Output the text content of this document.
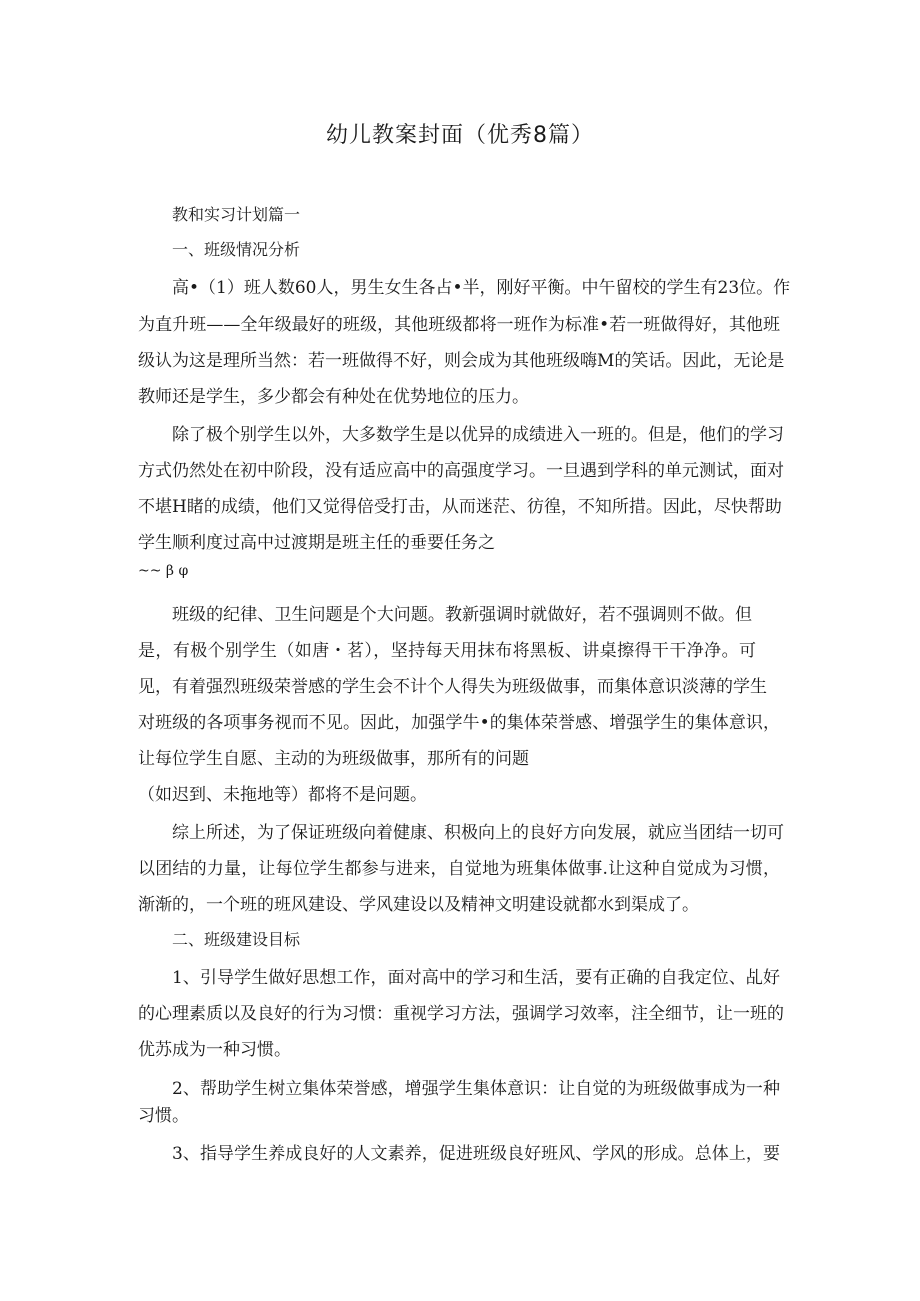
幼儿教案封面（优秀8篇）

教和实习计划篇一

一、班级情况分析

高•（1）班人数60人，男生女生各占•半，刚好平衡。中午留校的学生有23位。作

为直升班——全年级最好的班级，其他班级都将一班作为标准•若一班做得好，其他班

级认为这是理所当然：若一班做得不好，则会成为其他班级嗨M的笑话。因此，无论是

教师还是学生，多少都会有种处在优势地位的压力。

除了极个别学生以外，大多数学生是以优异的成绩进入一班的。但是，他们的学习

方式仍然处在初中阶段，没有适应高中的高强度学习。一旦遇到学科的单元测试，面对

不堪H睹的成绩，他们又觉得倍受打击，从而迷茫、彷徨，不知所措。因此，尽快帮助

学生顺利度过高中过渡期是班主任的垂要任务之

~~ β φ

班级的纪律、卫生问题是个大问题。教新强调时就做好，若不强调则不做。但

是，有极个别学生（如唐・茗），坚持每天用抹布将黑板、讲桌擦得干干净净。可

见，有着强烈班级荣誉感的学生会不计个人得失为班级做事，而集体意识淡薄的学生

对班级的各项事务视而不见。因此，加强学牛•的集体荣誉感、增强学生的集体意识，

让每位学生自愿、主动的为班级做事，那所有的问题

（如迟到、未拖地等）都将不是问题。

综上所述，为了保证班级向着健康、积极向上的良好方向发展，就应当团结一切可

以团结的力量，让每位学生都参与进来，自觉地为班集体做事.让这种自觉成为习惯，

渐渐的，一个班的班风建设、学风建设以及精神文明建设就都水到渠成了。

二、班级建设目标

1、引导学生做好思想工作，面对高中的学习和生活，要有正确的自我定位、乩好

的心理素质以及良好的行为习惯：重视学习方法，强调学习效率，注全细节，让一班的

优苏成为一种习惯。

2、帮助学生树立集体荣誉感，增强学生集体意识：让自觉的为班级做事成为一种

习惯。

3、指导学生养成良好的人文素养，促进班级良好班风、学风的形成。总体上，要
